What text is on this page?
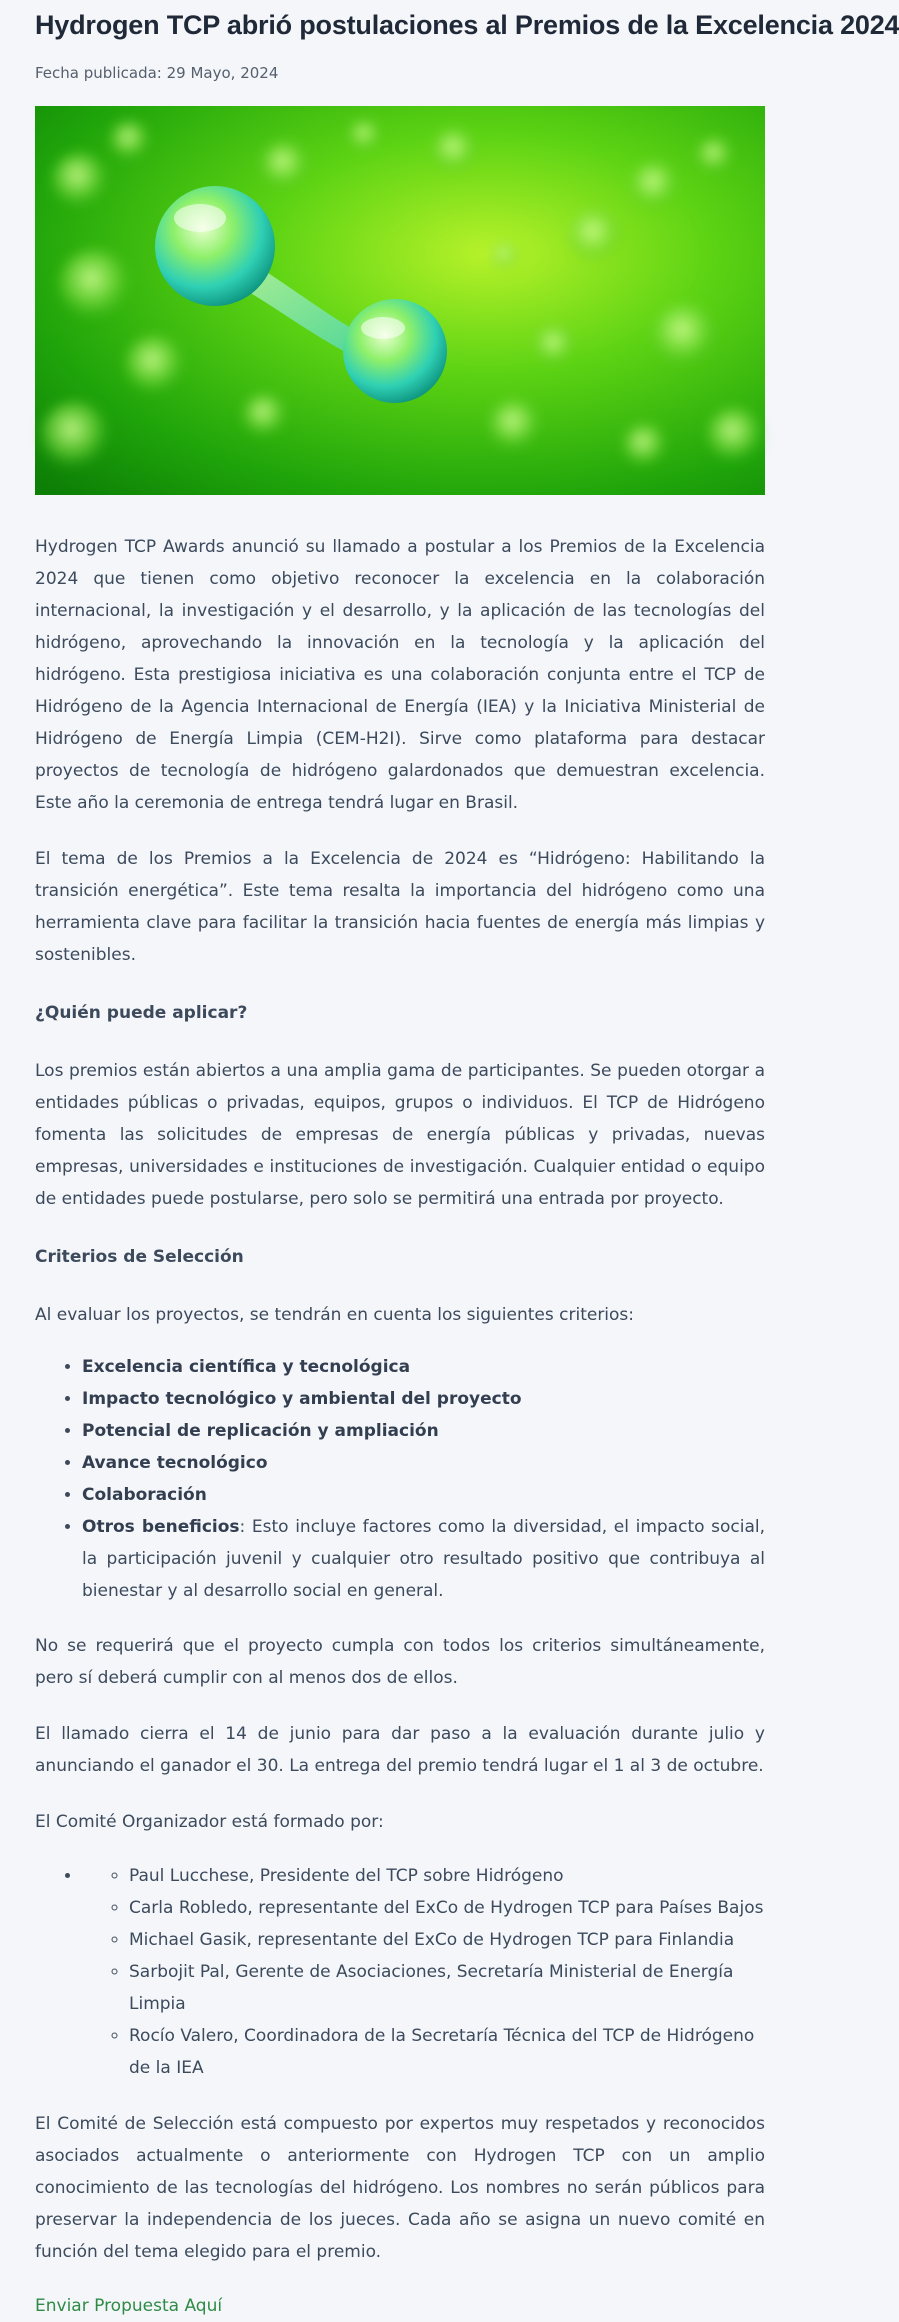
Hydrogen TCP abrió postulaciones al Premios de la Excelencia 2024
Fecha publicada: 29 Mayo, 2024

Hydrogen TCP Awards anunció su llamado a postular a los Premios de la Excelencia 2024 que tienen como objetivo reconocer la excelencia en la colaboración internacional, la investigación y el desarrollo, y la aplicación de las tecnologías del hidrógeno, aprovechando la innovación en la tecnología y la aplicación del hidrógeno. Esta prestigiosa iniciativa es una colaboración conjunta entre el TCP de Hidrógeno de la Agencia Internacional de Energía (IEA) y la Iniciativa Ministerial de Hidrógeno de Energía Limpia (CEM-H2I). Sirve como plataforma para destacar proyectos de tecnología de hidrógeno galardonados que demuestran excelencia. Este año la ceremonia de entrega tendrá lugar en Brasil.

El tema de los Premios a la Excelencia de 2024 es “Hidrógeno: Habilitando la transición energética”. Este tema resalta la importancia del hidrógeno como una herramienta clave para facilitar la transición hacia fuentes de energía más limpias y sostenibles.

¿Quién puede aplicar?

Los premios están abiertos a una amplia gama de participantes. Se pueden otorgar a entidades públicas o privadas, equipos, grupos o individuos. El TCP de Hidrógeno fomenta las solicitudes de empresas de energía públicas y privadas, nuevas empresas, universidades e instituciones de investigación. Cualquier entidad o equipo de entidades puede postularse, pero solo se permitirá una entrada por proyecto.

Criterios de Selección

Al evaluar los proyectos, se tendrán en cuenta los siguientes criterios:

• Excelencia científica y tecnológica
• Impacto tecnológico y ambiental del proyecto
• Potencial de replicación y ampliación
• Avance tecnológico
• Colaboración
• Otros beneficios: Esto incluye factores como la diversidad, el impacto social, la participación juvenil y cualquier otro resultado positivo que contribuya al bienestar y al desarrollo social en general.

No se requerirá que el proyecto cumpla con todos los criterios simultáneamente, pero sí deberá cumplir con al menos dos de ellos.

El llamado cierra el 14 de junio para dar paso a la evaluación durante julio y anunciando el ganador el 30. La entrega del premio tendrá lugar el 1 al 3 de octubre.

El Comité Organizador está formado por:

◦ • Paul Lucchese, Presidente del TCP sobre Hidrógeno
◦ Carla Robledo, representante del ExCo de Hydrogen TCP para Países Bajos
◦ Michael Gasik, representante del ExCo de Hydrogen TCP para Finlandia
◦ Sarbojit Pal, Gerente de Asociaciones, Secretaría Ministerial de Energía Limpia
◦ Rocío Valero, Coordinadora de la Secretaría Técnica del TCP de Hidrógeno de la IEA

El Comité de Selección está compuesto por expertos muy respetados y reconocidos asociados actualmente o anteriormente con Hydrogen TCP con un amplio conocimiento de las tecnologías del hidrógeno. Los nombres no serán públicos para preservar la independencia de los jueces. Cada año se asigna un nuevo comité en función del tema elegido para el premio.

Enviar Propuesta Aquí
